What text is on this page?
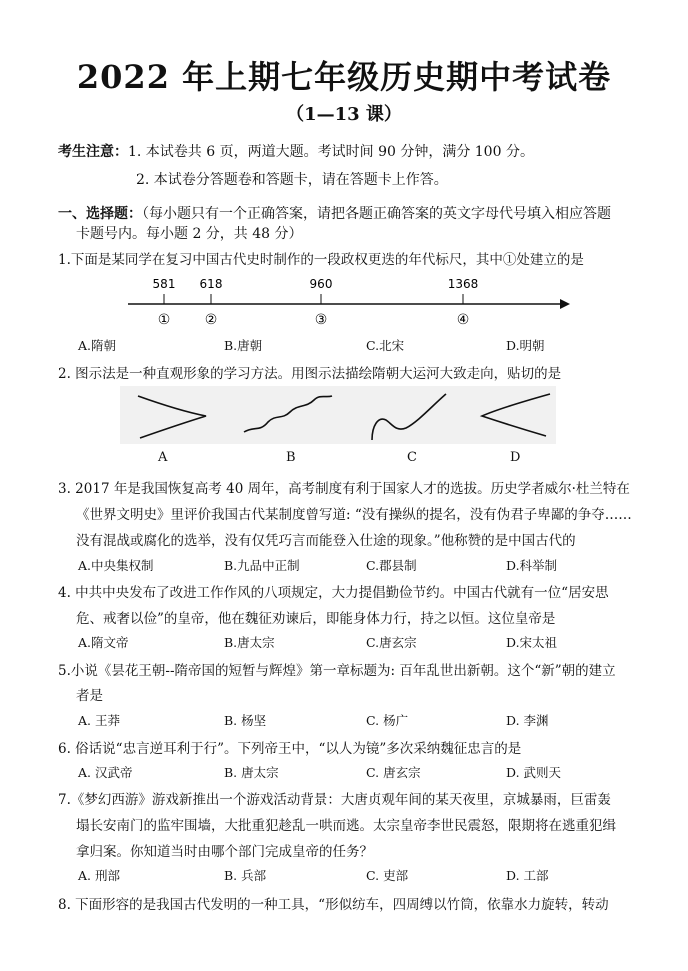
2022 年上期七年级历史期中考试卷
（1—13 课）
考生注意：1. 本试卷共 6 页，两道大题。考试时间 90 分钟，满分 100 分。
2. 本试卷分答题卷和答题卡，请在答题卡上作答。
一、选择题：（每小题只有一个正确答案，请把各题正确答案的英文字母代号填入相应答题
卡题号内。每小题 2 分，共 48 分）
1.下面是某同学在复习中国古代史时制作的一段政权更迭的年代标尺，其中①处建立的是
581
①
618
②
960
③
1368
④
A.隋朝	B.唐朝	C.北宋	D.明朝
2. 图示法是一种直观形象的学习方法。用图示法描绘隋朝大运河大致走向，贴切的是
A	B	C	D
3. 2017 年是我国恢复高考 40 周年，高考制度有利于国家人才的选拔。历史学者威尔·杜兰特在
《世界文明史》里评价我国古代某制度曾写道: “没有操纵的提名，没有伪君子卑鄙的争夺……
没有混战或腐化的选举，没有仅凭巧言而能登入仕途的现象。”他称赞的是中国古代的
A.中央集权制	B.九品中正制	C.郡县制	D.科举制
4. 中共中央发布了改进工作作风的八项规定，大力提倡勤俭节约。中国古代就有一位“居安思
危、戒奢以俭”的皇帝，他在魏征劝谏后，即能身体力行，持之以恒。这位皇帝是
A.隋文帝	B.唐太宗	C.唐玄宗	D.宋太祖
5.小说《昙花王朝--隋帝国的短暂与辉煌》第一章标题为: 百年乱世出新朝。这个“新”朝的建立
者是
A. 王莽	B. 杨坚	C. 杨广	D. 李渊
6. 俗话说“忠言逆耳利于行”。下列帝王中，“以人为镜”多次采纳魏征忠言的是
A. 汉武帝	B. 唐太宗	C. 唐玄宗	D. 武则天
7.《梦幻西游》游戏新推出一个游戏活动背景：大唐贞观年间的某天夜里，京城暴雨，巨雷轰
塌长安南门的监牢围墙，大批重犯趁乱一哄而逃。太宗皇帝李世民震怒，限期将在逃重犯缉
拿归案。你知道当时由哪个部门完成皇帝的任务？
A. 刑部	B. 兵部	C. 吏部	D. 工部
8. 下面形容的是我国古代发明的一种工具，“形似纺车，四周缚以竹筒，依靠水力旋转，转动
